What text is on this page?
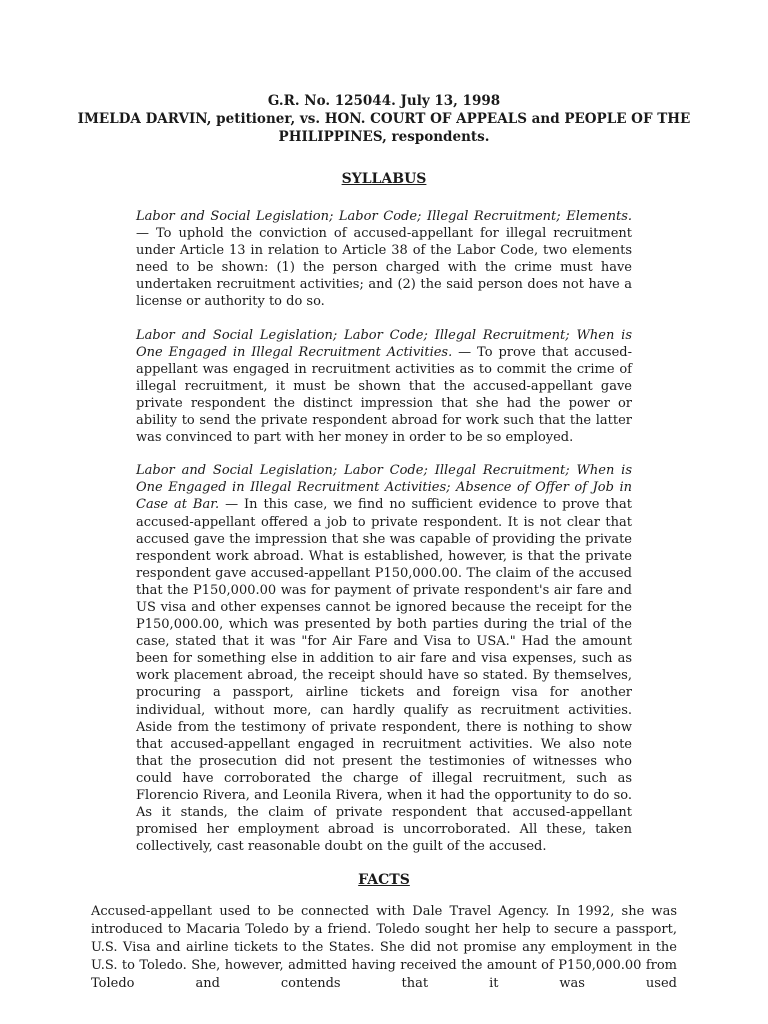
G.R. No. 125044. July 13, 1998
IMELDA DARVIN, petitioner, vs. HON. COURT OF APPEALS and PEOPLE OF THE
PHILIPPINES, respondents.
SYLLABUS

Labor and Social Legislation; Labor Code; Illegal Recruitment; Elements. — To uphold the conviction of accused-appellant for illegal recruitment under Article 13 in relation to Article 38 of the Labor Code, two elements need to be shown: (1) the person charged with the crime must have undertaken recruitment activities; and (2) the said person does not have a license or authority to do so.

Labor and Social Legislation; Labor Code; Illegal Recruitment; When is One Engaged in Illegal Recruitment Activities. — To prove that accused-appellant was engaged in recruitment activities as to commit the crime of illegal recruitment, it must be shown that the accused-appellant gave private respondent the distinct impression that she had the power or ability to send the private respondent abroad for work such that the latter was convinced to part with her money in order to be so employed.

Labor and Social Legislation; Labor Code; Illegal Recruitment; When is One Engaged in Illegal Recruitment Activities; Absence of Offer of Job in Case at Bar. — In this case, we find no sufficient evidence to prove that accused-appellant offered a job to private respondent. It is not clear that accused gave the impression that she was capable of providing the private respondent work abroad. What is established, however, is that the private respondent gave accused-appellant P150,000.00. The claim of the accused that the P150,000.00 was for payment of private respondent's air fare and US visa and other expenses cannot be ignored because the receipt for the P150,000.00, which was presented by both parties during the trial of the case, stated that it was "for Air Fare and Visa to USA." Had the amount been for something else in addition to air fare and visa expenses, such as work placement abroad, the receipt should have so stated. By themselves, procuring a passport, airline tickets and foreign visa for another individual, without more, can hardly qualify as recruitment activities. Aside from the testimony of private respondent, there is nothing to show that accused-appellant engaged in recruitment activities. We also note that the prosecution did not present the testimonies of witnesses who could have corroborated the charge of illegal recruitment, such as Florencio Rivera, and Leonila Rivera, when it had the opportunity to do so. As it stands, the claim of private respondent that accused-appellant promised her employment abroad is uncorroborated. All these, taken collectively, cast reasonable doubt on the guilt of the accused.

FACTS

Accused-appellant used to be connected with Dale Travel Agency. In 1992, she was introduced to Macaria Toledo by a friend. Toledo sought her help to secure a passport, U.S. Visa and airline tickets to the States. She did not promise any employment in the U.S. to Toledo. She, however, admitted having received the amount of P150,000.00 from Toledo and contends that it was used
